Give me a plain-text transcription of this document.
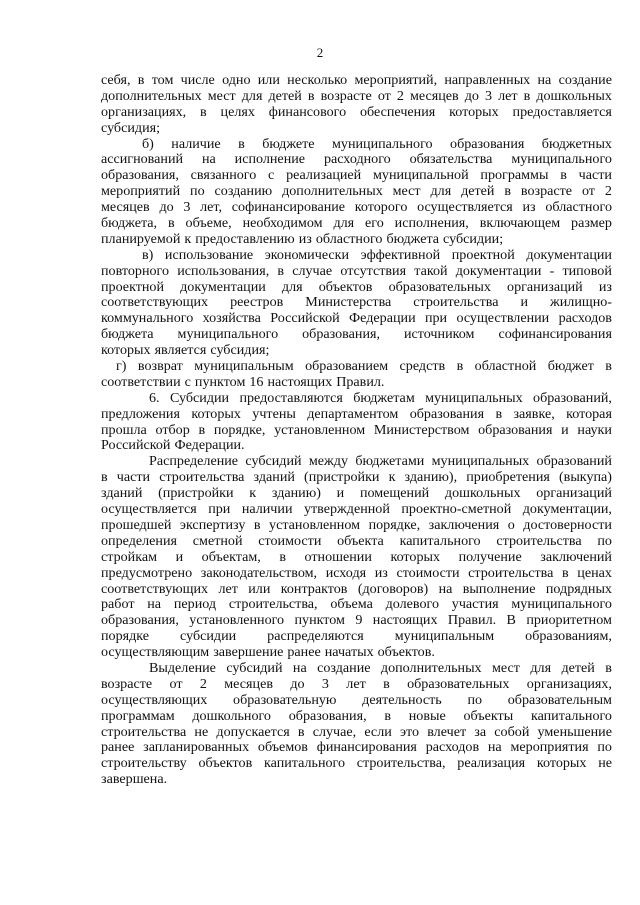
2
себя, в том числе одно или несколько мероприятий, направленных на создание
дополнительных мест для детей в возрасте от 2 месяцев до 3 лет в дошкольных
организациях, в целях финансового обеспечения которых предоставляется
субсидия;
б) наличие в бюджете муниципального образования бюджетных
ассигнований на исполнение расходного обязательства муниципального
образования, связанного с реализацией муниципальной программы в части
мероприятий по созданию дополнительных мест для детей в возрасте от 2
месяцев до 3 лет, софинансирование которого осуществляется из областного
бюджета, в объеме, необходимом для его исполнения, включающем размер
планируемой к предоставлению из областного бюджета субсидии;
в) использование экономически эффективной проектной документации
повторного использования, в случае отсутствия такой документации - типовой
проектной документации для объектов образовательных организаций из
соответствующих реестров Министерства строительства и жилищно-
коммунального хозяйства Российской Федерации при осуществлении расходов
бюджета муниципального образования, источником софинансирования
которых является субсидия;
г) возврат муниципальным образованием средств в областной бюджет в
соответствии с пунктом 16 настоящих Правил.
6. Субсидии предоставляются бюджетам муниципальных образований,
предложения которых учтены департаментом образования в заявке, которая
прошла отбор в порядке, установленном Министерством образования и науки
Российской Федерации.
Распределение субсидий между бюджетами муниципальных образований
в части строительства зданий (пристройки к зданию), приобретения (выкупа)
зданий (пристройки к зданию) и помещений дошкольных организаций
осуществляется при наличии утвержденной проектно-сметной документации,
прошедшей экспертизу в установленном порядке, заключения о достоверности
определения сметной стоимости объекта капитального строительства по
стройкам и объектам, в отношении которых получение заключений
предусмотрено законодательством, исходя из стоимости строительства в ценах
соответствующих лет или контрактов (договоров) на выполнение подрядных
работ на период строительства, объема долевого участия муниципального
образования, установленного пунктом 9 настоящих Правил. В приоритетном
порядке субсидии распределяются муниципальным образованиям,
осуществляющим завершение ранее начатых объектов.
Выделение субсидий на создание дополнительных мест для детей в
возрасте от 2 месяцев до 3 лет в образовательных организациях,
осуществляющих образовательную деятельность по образовательным
программам дошкольного образования, в новые объекты капитального
строительства не допускается в случае, если это влечет за собой уменьшение
ранее запланированных объемов финансирования расходов на мероприятия по
строительству объектов капитального строительства, реализация которых не
завершена.
